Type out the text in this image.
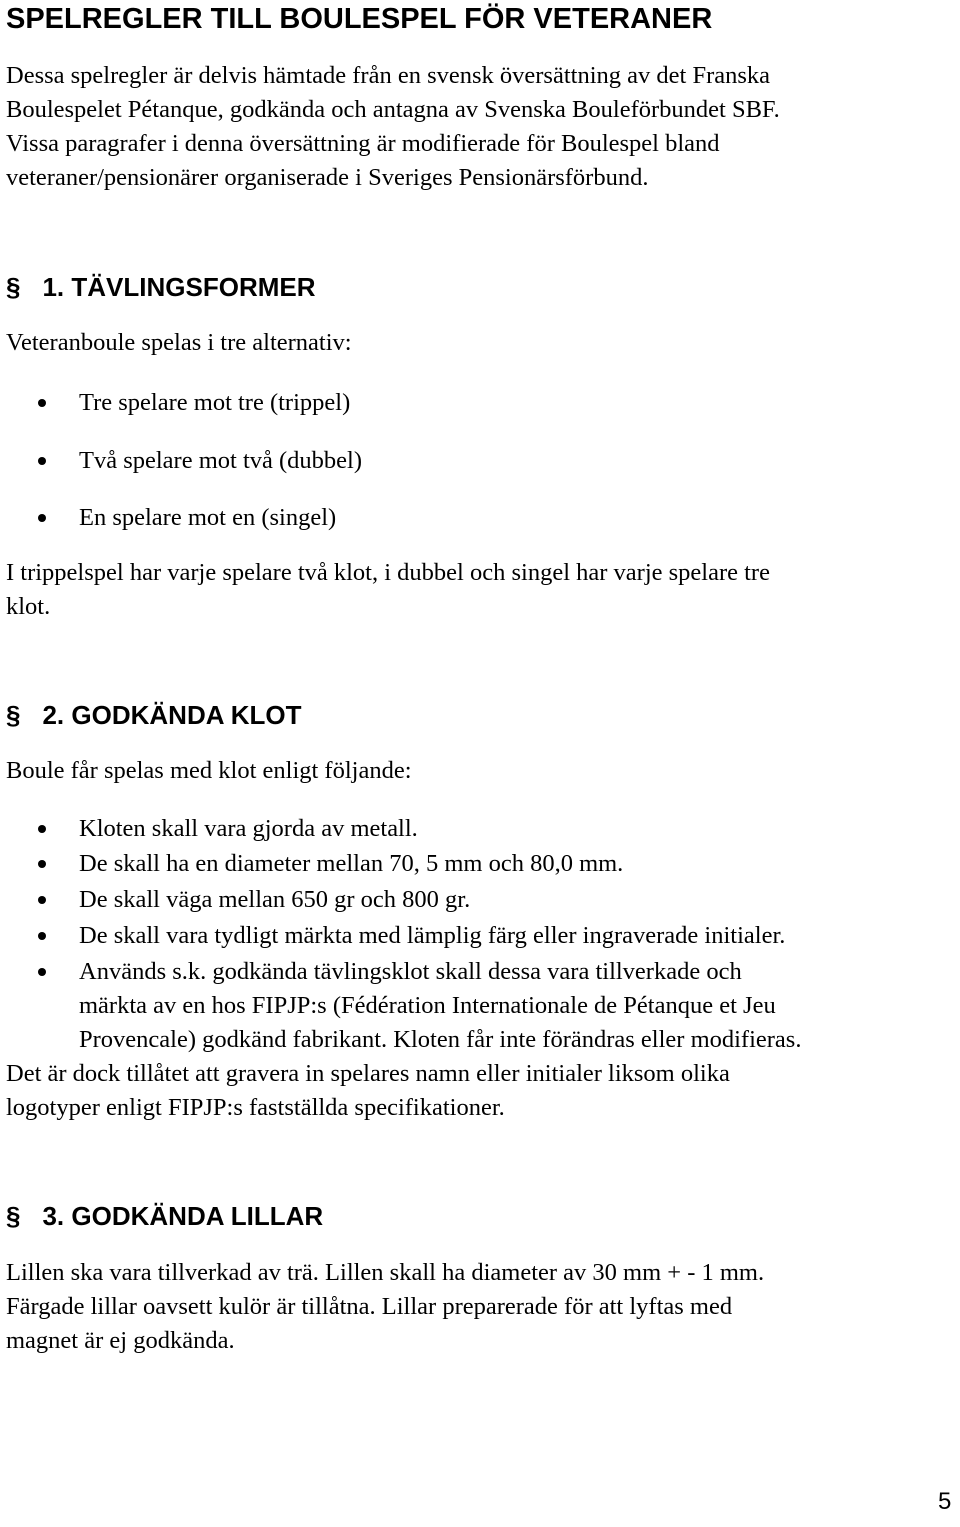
SPELREGLER TILL BOULESPEL FÖR VETERANER
Dessa spelregler är delvis hämtade från en svensk översättning av det Franska
Boulespelet Pétanque, godkända och antagna av Svenska Bouleförbundet SBF.
Vissa paragrafer i denna översättning är modifierade för Boulespel bland
veteraner/pensionärer organiserade i Sveriges Pensionärsförbund.
§ 1. TÄVLINGSFORMER
Veteranboule spelas i tre alternativ:
Tre spelare mot tre (trippel)
Två spelare mot två (dubbel)
En spelare mot en (singel)
I trippelspel har varje spelare två klot, i dubbel och singel har varje spelare tre
klot.
§ 2. GODKÄNDA KLOT
Boule får spelas med klot enligt följande:
Kloten skall vara gjorda av metall.
De skall ha en diameter mellan 70, 5 mm och 80,0 mm.
De skall väga mellan 650 gr och 800 gr.
De skall vara tydligt märkta med lämplig färg eller ingraverade initialer.
Används s.k. godkända tävlingsklot skall dessa vara tillverkade och
märkta av en hos FIPJP:s (Fédération Internationale de Pétanque et Jeu
Provencale) godkänd fabrikant. Kloten får inte förändras eller modifieras.
Det är dock tillåtet att gravera in spelares namn eller initialer liksom olika
logotyper enligt FIPJP:s fastställda specifikationer.
§ 3. GODKÄNDA LILLAR
Lillen ska vara tillverkad av trä. Lillen skall ha diameter av 30 mm + - 1 mm.
Färgade lillar oavsett kulör är tillåtna. Lillar preparerade för att lyftas med
magnet är ej godkända.
5
